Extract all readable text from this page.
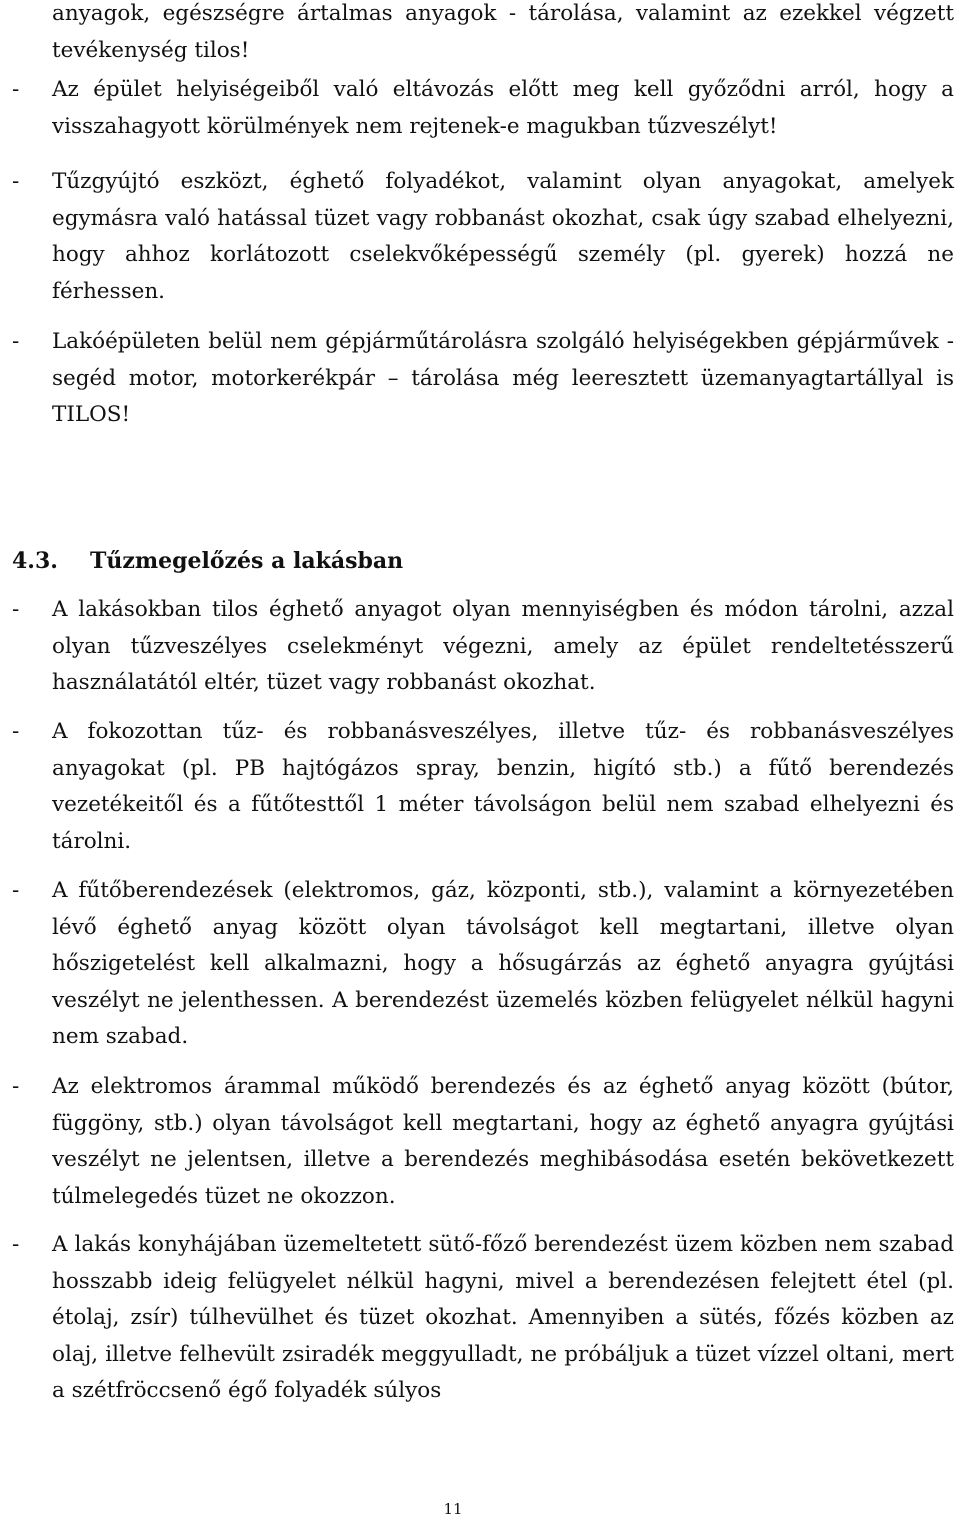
anyagok, egészségre ártalmas anyagok - tárolása, valamint az ezekkel végzett tevékenység tilos!
- Az épület helyiségeiből való eltávozás előtt meg kell győződni arról, hogy a visszahagyott körülmények nem rejtenek-e magukban tűzveszélyt!
- Tűzgyújtó eszközt, éghető folyadékot, valamint olyan anyagokat, amelyek egymásra való hatással tüzet vagy robbanást okozhat, csak úgy szabad elhelyezni, hogy ahhoz korlátozott cselekvőképességű személy (pl. gyerek) hozzá ne férhessen.
- Lakóépületen belül nem gépjárműtárolásra szolgáló helyiségekben gépjárművek - segéd motor, motorkerékpár – tárolása még leeresztett üzemanyagtartállyal is TILOS!
4.3. Tűzmegelőzés a lakásban
- A lakásokban tilos éghető anyagot olyan mennyiségben és módon tárolni, azzal olyan tűzveszélyes cselekményt végezni, amely az épület rendeltetésszerű használatától eltér, tüzet vagy robbanást okozhat.
- A fokozottan tűz- és robbanásveszélyes, illetve tűz- és robbanásveszélyes anyagokat (pl. PB hajtógázos spray, benzin, higító stb.) a fűtő berendezés vezetékeitől és a fűtőtesttől 1 méter távolságon belül nem szabad elhelyezni és tárolni.
- A fűtőberendezések (elektromos, gáz, központi, stb.), valamint a környezetében lévő éghető anyag között olyan távolságot kell megtartani, illetve olyan hőszigetelést kell alkalmazni, hogy a hősugárzás az éghető anyagra gyújtási veszélyt ne jelenthessen. A berendezést üzemelés közben felügyelet nélkül hagyni nem szabad.
- Az elektromos árammal működő berendezés és az éghető anyag között (bútor, függöny, stb.) olyan távolságot kell megtartani, hogy az éghető anyagra gyújtási veszélyt ne jelentsen, illetve a berendezés meghibásodása esetén bekövetkezett túlmelegedés tüzet ne okozzon.
- A lakás konyhájában üzemeltetett sütő-főző berendezést üzem közben nem szabad hosszabb ideig felügyelet nélkül hagyni, mivel a berendezésen felejtett étel (pl. étolaj, zsír) túlhevülhet és tüzet okozhat. Amennyiben a sütés, főzés közben az olaj, illetve felhevült zsiradék meggyulladt, ne próbáljuk a tüzet vízzel oltani, mert a szétfröccsenő égő folyadék súlyos
11
